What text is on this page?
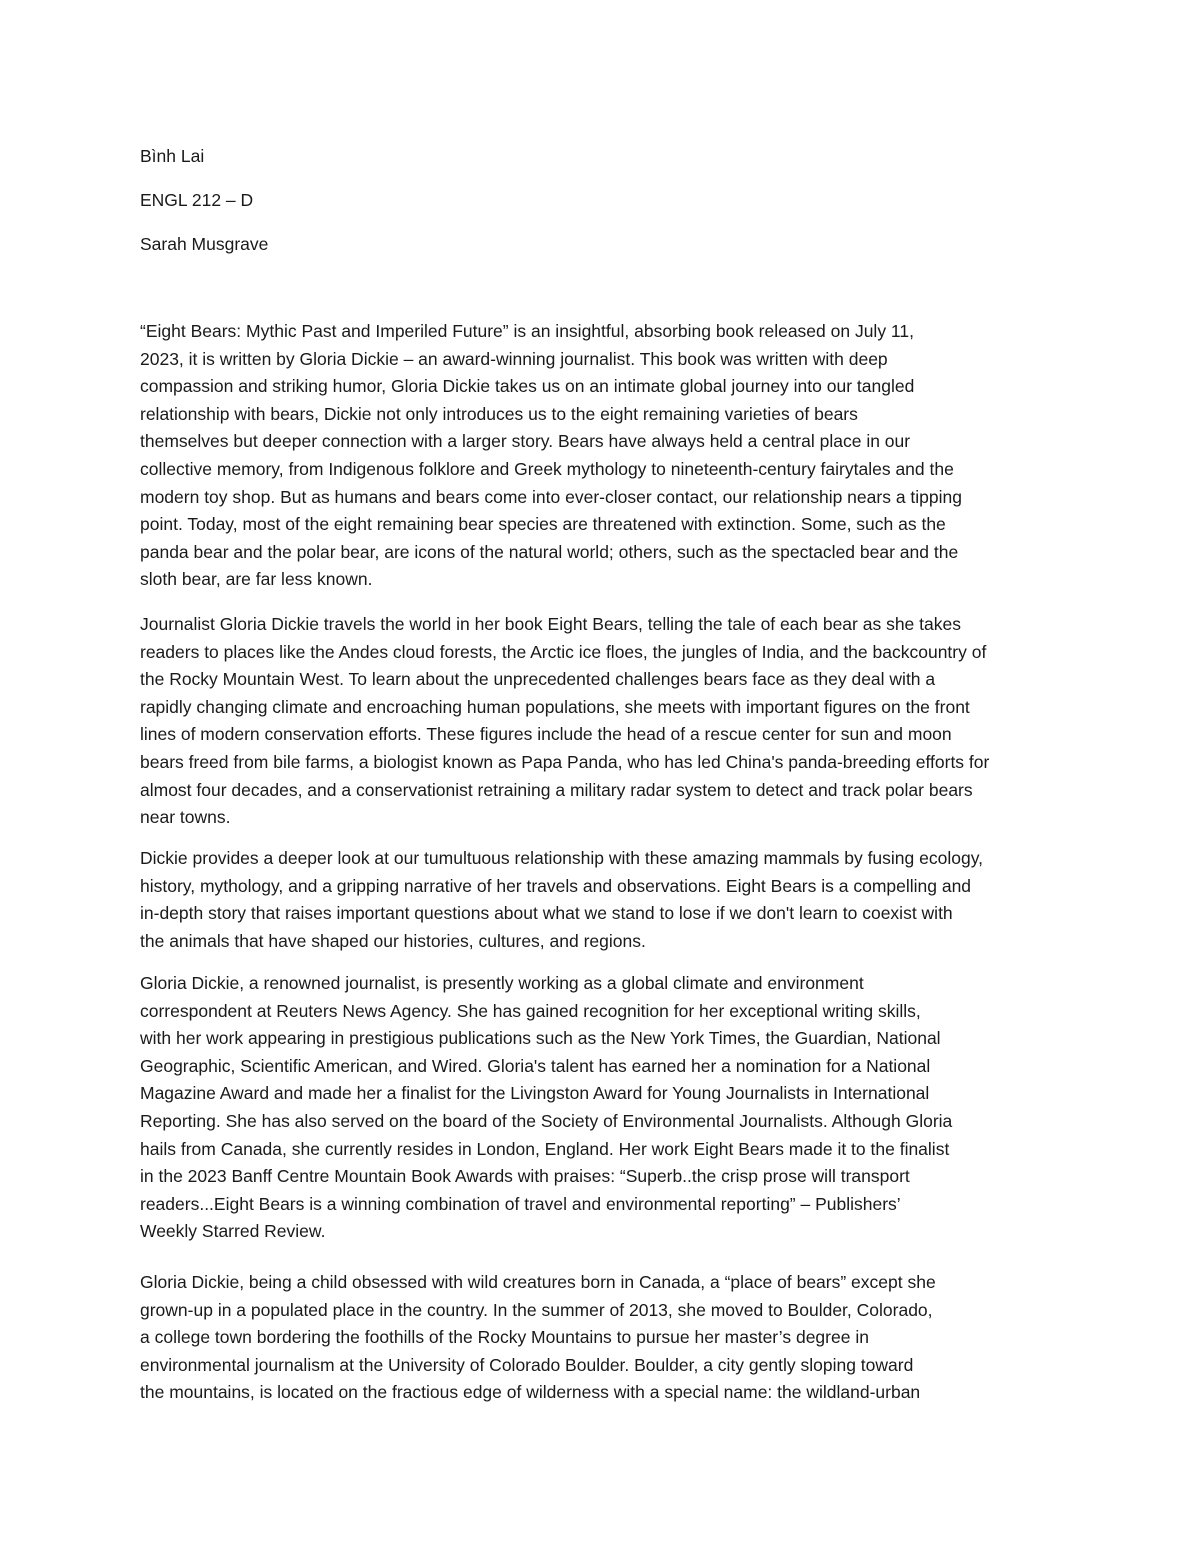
Bình Lai
ENGL 212 – D
Sarah Musgrave

“Eight Bears: Mythic Past and Imperiled Future” is an insightful, absorbing book released on July 11,
2023, it is written by Gloria Dickie – an award-winning journalist. This book was written with deep
compassion and striking humor, Gloria Dickie takes us on an intimate global journey into our tangled
relationship with bears, Dickie not only introduces us to the eight remaining varieties of bears
themselves but deeper connection with a larger story. Bears have always held a central place in our
collective memory, from Indigenous folklore and Greek mythology to nineteenth-century fairytales and the
modern toy shop. But as humans and bears come into ever-closer contact, our relationship nears a tipping
point. Today, most of the eight remaining bear species are threatened with extinction. Some, such as the
panda bear and the polar bear, are icons of the natural world; others, such as the spectacled bear and the
sloth bear, are far less known.

Journalist Gloria Dickie travels the world in her book Eight Bears, telling the tale of each bear as she takes
readers to places like the Andes cloud forests, the Arctic ice floes, the jungles of India, and the backcountry of
the Rocky Mountain West. To learn about the unprecedented challenges bears face as they deal with a
rapidly changing climate and encroaching human populations, she meets with important figures on the front
lines of modern conservation efforts. These figures include the head of a rescue center for sun and moon
bears freed from bile farms, a biologist known as Papa Panda, who has led China's panda-breeding efforts for
almost four decades, and a conservationist retraining a military radar system to detect and track polar bears
near towns.

Dickie provides a deeper look at our tumultuous relationship with these amazing mammals by fusing ecology,
history, mythology, and a gripping narrative of her travels and observations. Eight Bears is a compelling and
in-depth story that raises important questions about what we stand to lose if we don't learn to coexist with
the animals that have shaped our histories, cultures, and regions.

Gloria Dickie, a renowned journalist, is presently working as a global climate and environment
correspondent at Reuters News Agency. She has gained recognition for her exceptional writing skills,
with her work appearing in prestigious publications such as the New York Times, the Guardian, National
Geographic, Scientific American, and Wired. Gloria's talent has earned her a nomination for a National
Magazine Award and made her a finalist for the Livingston Award for Young Journalists in International
Reporting. She has also served on the board of the Society of Environmental Journalists. Although Gloria
hails from Canada, she currently resides in London, England. Her work Eight Bears made it to the finalist
in the 2023 Banff Centre Mountain Book Awards with praises: “Superb..the crisp prose will transport
readers...Eight Bears is a winning combination of travel and environmental reporting” – Publishers’
Weekly Starred Review.

Gloria Dickie, being a child obsessed with wild creatures born in Canada, a “place of bears” except she
grown-up in a populated place in the country. In the summer of 2013, she moved to Boulder, Colorado,
a college town bordering the foothills of the Rocky Mountains to pursue her master’s degree in
environmental journalism at the University of Colorado Boulder. Boulder, a city gently sloping toward
the mountains, is located on the fractious edge of wilderness with a special name: the wildland-urban
